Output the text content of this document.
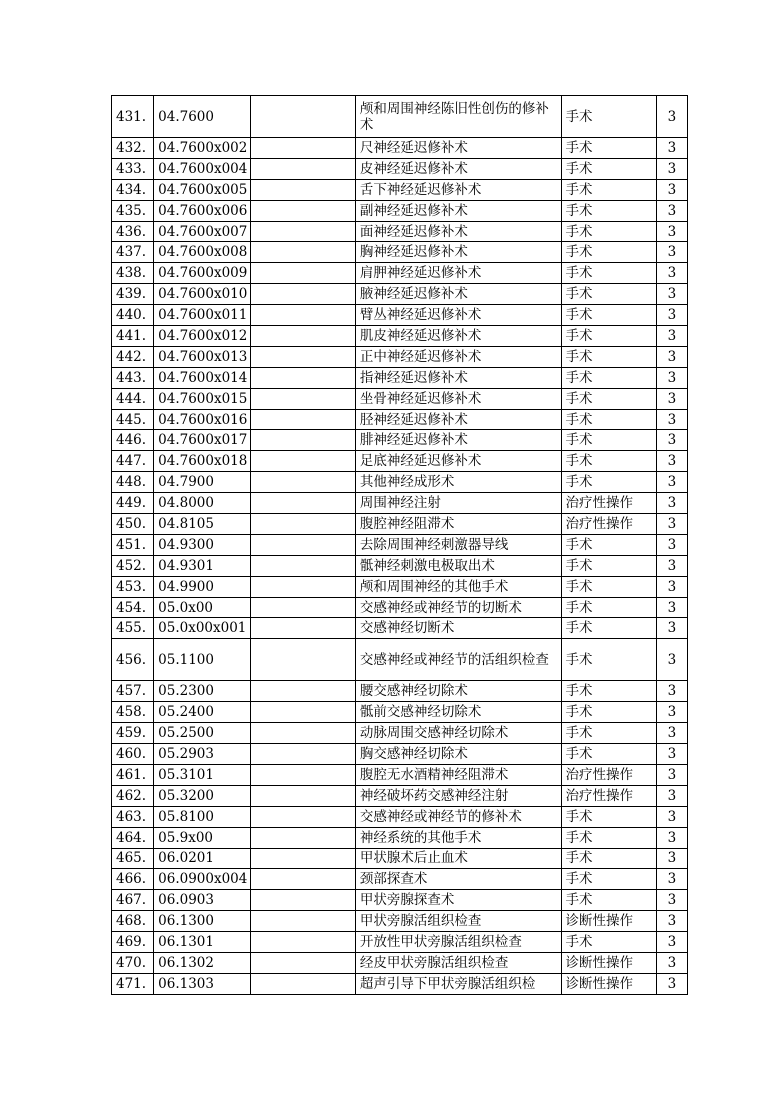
431.	04.7600		颅和周围神经陈旧性创伤的修补术	手术	3
432.	04.7600x002		尺神经延迟修补术	手术	3
433.	04.7600x004		皮神经延迟修补术	手术	3
434.	04.7600x005		舌下神经延迟修补术	手术	3
435.	04.7600x006		副神经延迟修补术	手术	3
436.	04.7600x007		面神经延迟修补术	手术	3
437.	04.7600x008		胸神经延迟修补术	手术	3
438.	04.7600x009		肩胛神经延迟修补术	手术	3
439.	04.7600x010		腋神经延迟修补术	手术	3
440.	04.7600x011		臂丛神经延迟修补术	手术	3
441.	04.7600x012		肌皮神经延迟修补术	手术	3
442.	04.7600x013		正中神经延迟修补术	手术	3
443.	04.7600x014		指神经延迟修补术	手术	3
444.	04.7600x015		坐骨神经延迟修补术	手术	3
445.	04.7600x016		胫神经延迟修补术	手术	3
446.	04.7600x017		腓神经延迟修补术	手术	3
447.	04.7600x018		足底神经延迟修补术	手术	3
448.	04.7900		其他神经成形术	手术	3
449.	04.8000		周围神经注射	治疗性操作	3
450.	04.8105		腹腔神经阻滞术	治疗性操作	3
451.	04.9300		去除周围神经刺激器导线	手术	3
452.	04.9301		骶神经刺激电极取出术	手术	3
453.	04.9900		颅和周围神经的其他手术	手术	3
454.	05.0x00		交感神经或神经节的切断术	手术	3
455.	05.0x00x001		交感神经切断术	手术	3
456.	05.1100		交感神经或神经节的活组织检查	手术	3
457.	05.2300		腰交感神经切除术	手术	3
458.	05.2400		骶前交感神经切除术	手术	3
459.	05.2500		动脉周围交感神经切除术	手术	3
460.	05.2903		胸交感神经切除术	手术	3
461.	05.3101		腹腔无水酒精神经阻滞术	治疗性操作	3
462.	05.3200		神经破坏药交感神经注射	治疗性操作	3
463.	05.8100		交感神经或神经节的修补术	手术	3
464.	05.9x00		神经系统的其他手术	手术	3
465.	06.0201		甲状腺术后止血术	手术	3
466.	06.0900x004		颈部探查术	手术	3
467.	06.0903		甲状旁腺探查术	手术	3
468.	06.1300		甲状旁腺活组织检查	诊断性操作	3
469.	06.1301		开放性甲状旁腺活组织检查	手术	3
470.	06.1302		经皮甲状旁腺活组织检查	诊断性操作	3
471.	06.1303		超声引导下甲状旁腺活组织检	诊断性操作	3
